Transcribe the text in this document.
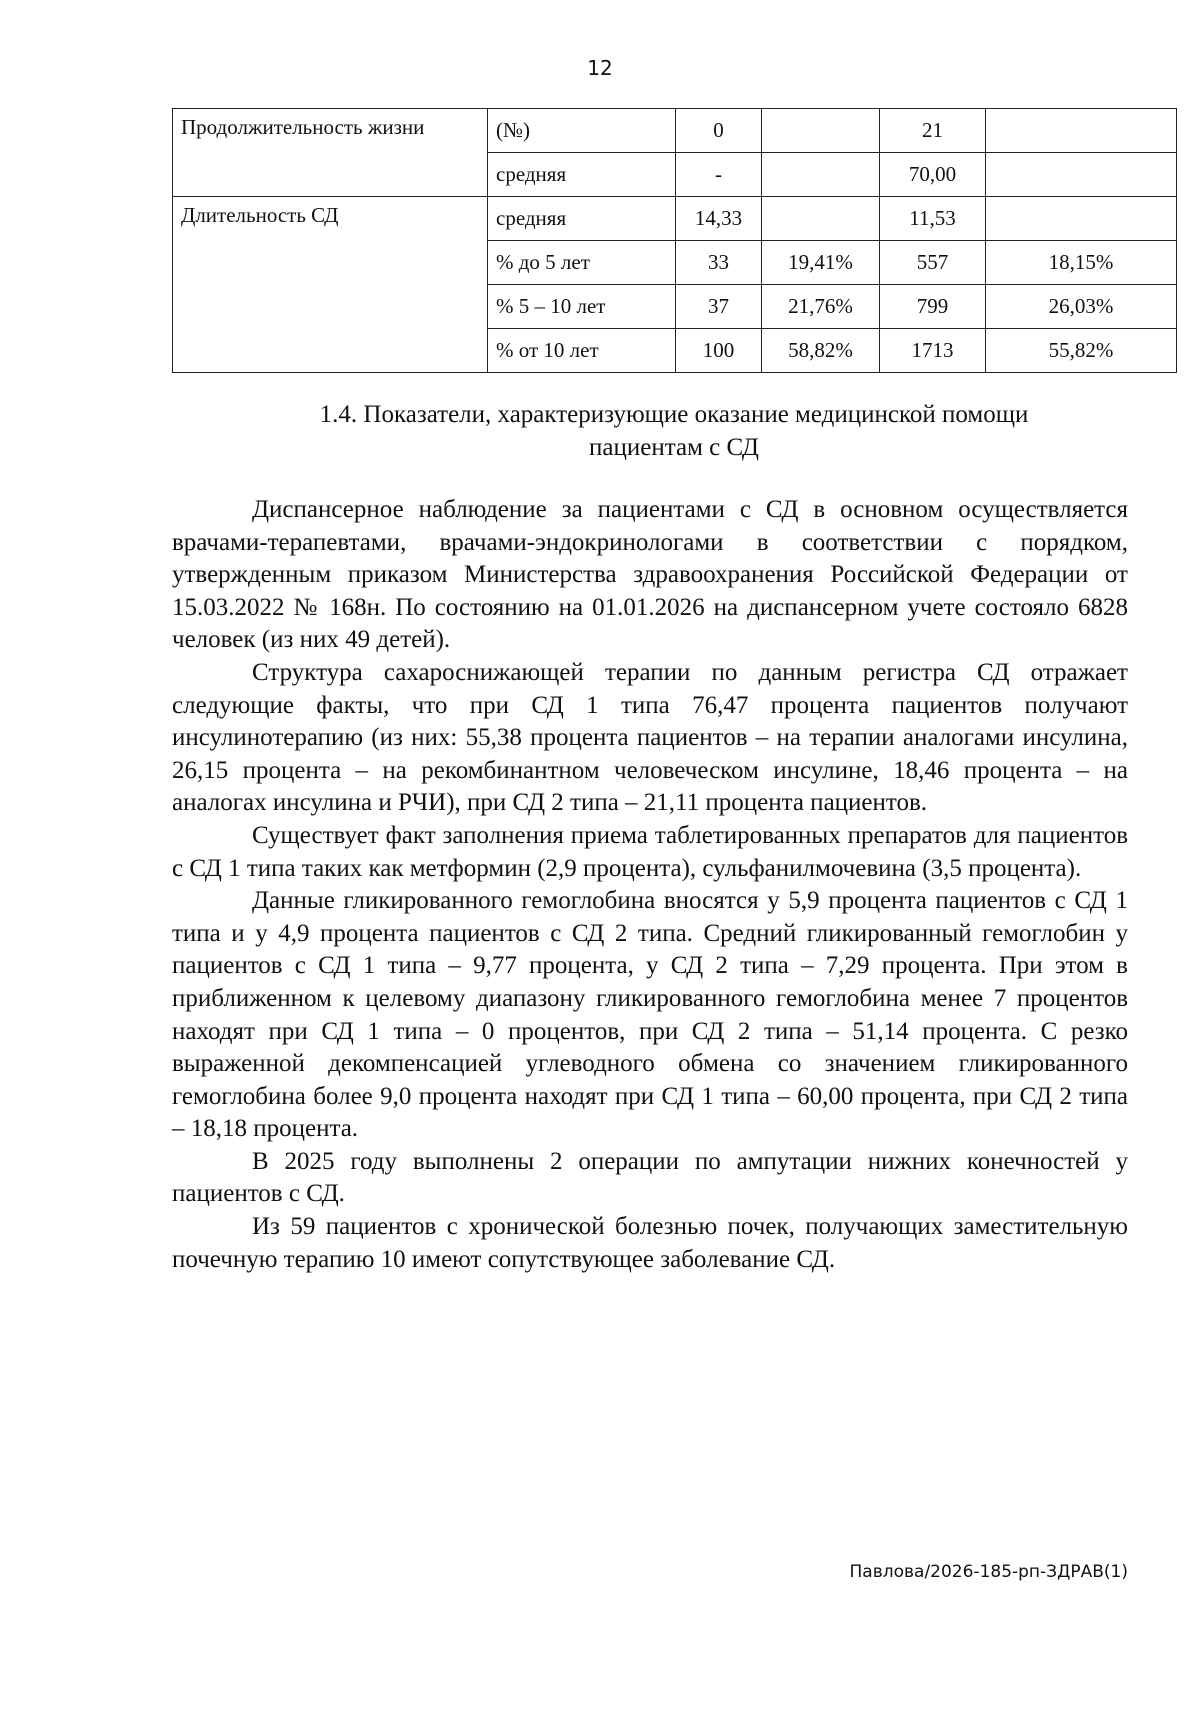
12
Продолжительность жизни	(№)	0		21	
	средняя	-		70,00	
Длительность СД	средняя	14,33		11,53	
	% до 5 лет	33	19,41%	557	18,15%
	% 5 – 10 лет	37	21,76%	799	26,03%
	% от 10 лет	100	58,82%	1713	55,82%
1.4. Показатели, характеризующие оказание медицинской помощи
пациентам с СД

Диспансерное наблюдение за пациентами с СД в основном осуществляется врачами-терапевтами, врачами-эндокринологами в соответствии с порядком, утвержденным приказом Министерства здравоохранения Российской Федерации от 15.03.2022 № 168н. По состоянию на 01.01.2026 на диспансерном учете состояло 6828 человек (из них 49 детей).

Структура сахароснижающей терапии по данным регистра СД отражает следующие факты, что при СД 1 типа 76,47 процента пациентов получают инсулинотерапию (из них: 55,38 процента пациентов – на терапии аналогами инсулина, 26,15 процента – на рекомбинантном человеческом инсулине, 18,46 процента – на аналогах инсулина и РЧИ), при СД 2 типа – 21,11 процента пациентов.

Существует факт заполнения приема таблетированных препаратов для пациентов с СД 1 типа таких как метформин (2,9 процента), сульфанилмочевина (3,5 процента).

Данные гликированного гемоглобина вносятся у 5,9 процента пациентов с СД 1 типа и у 4,9 процента пациентов с СД 2 типа. Средний гликированный гемоглобин у пациентов с СД 1 типа – 9,77 процента, у СД 2 типа – 7,29 процента. При этом в приближенном к целевому диапазону гликированного гемоглобина менее 7 процентов находят при СД 1 типа – 0 процентов, при СД 2 типа – 51,14 процента. С резко выраженной декомпенсацией углеводного обмена со значением гликированного гемоглобина более 9,0 процента находят при СД 1 типа – 60,00 процента, при СД 2 типа – 18,18 процента.

В 2025 году выполнены 2 операции по ампутации нижних конечностей у пациентов с СД.

Из 59 пациентов с хронической болезнью почек, получающих заместительную почечную терапию 10 имеют сопутствующее заболевание СД.

Павлова/2026-185-рп-ЗДРАВ(1)
